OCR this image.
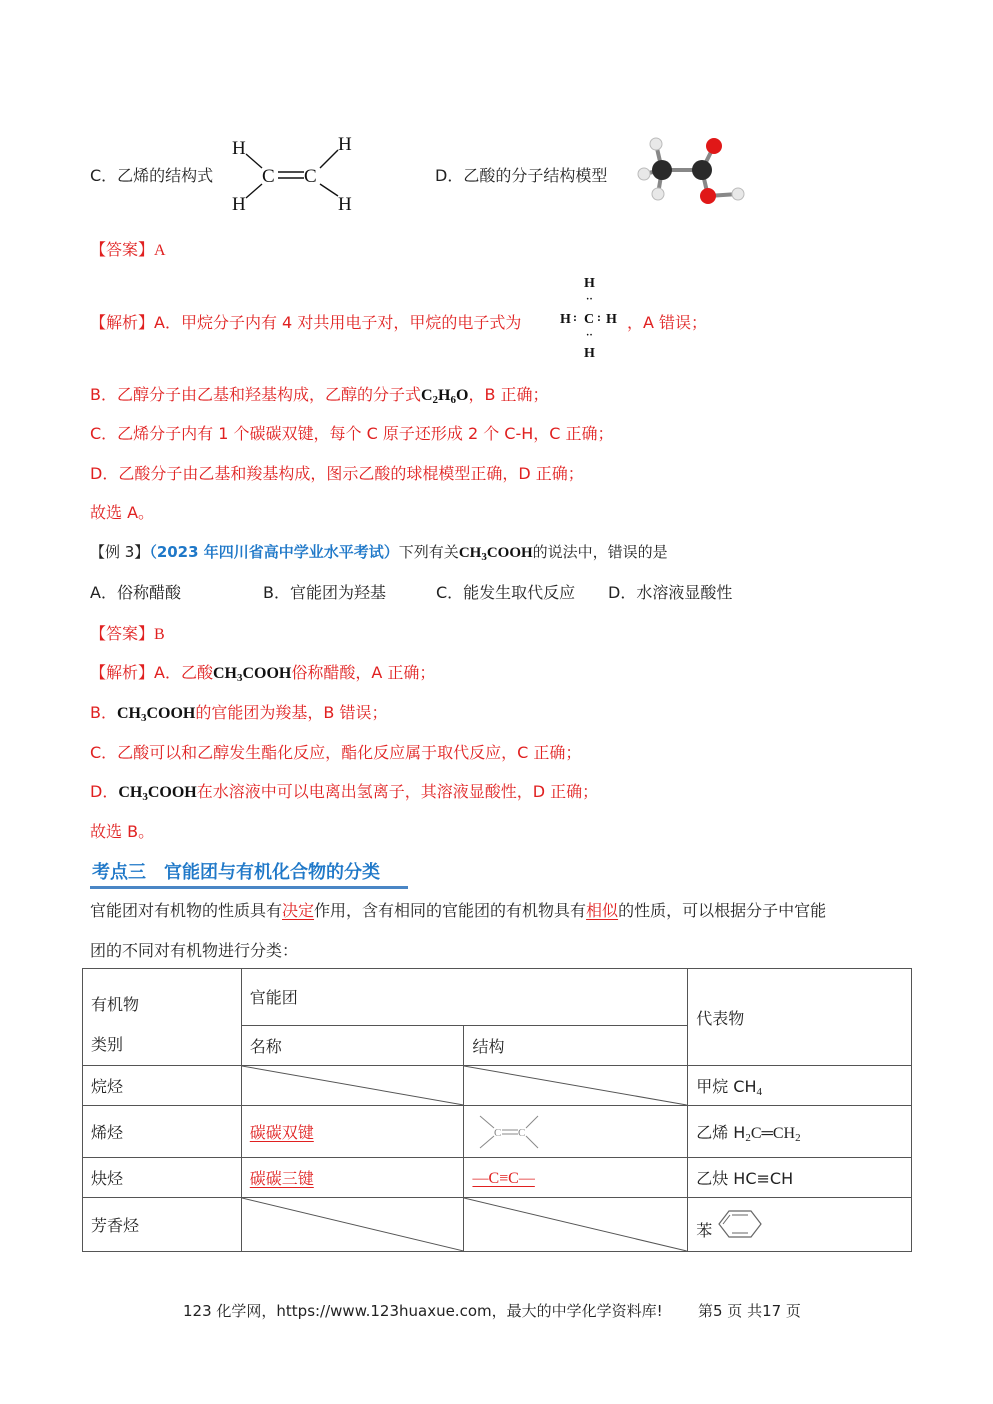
C．乙烯的结构式
H
H
C C
H
H
D．乙酸的分子结构模型
【答案】A
【解析】A．甲烷分子内有 4 对共用电子对，甲烷的电子式为
H
··
H : C : H
··
H
，A 错误；
B．乙醇分子由乙基和羟基构成，乙醇的分子式$C_2H_6O$，B 正确；
C．乙烯分子内有 1 个碳碳双键，每个 C 原子还形成 2 个 C-H，C 正确；
D．乙酸分子由乙基和羧基构成，图示乙酸的球棍模型正确，D 正确；
故选 A。
【例 3】（2023 年四川省高中学业水平考试）下列有关$CH_3COOH$的说法中，错误的是
A．俗称醋酸	B．官能团为羟基	C．能发生取代反应 D．水溶液显酸性
【答案】B
【解析】A．乙酸$CH_3COOH$俗称醋酸，A 正确；
B．$CH_3COOH$的官能团为羧基，B 错误；
C．乙酸可以和乙醇发生酯化反应，酯化反应属于取代反应，C 正确；
D．$CH_3COOH$在水溶液中可以电离出氢离子，其溶液显酸性，D 正确；
故选 B。
考点三　官能团与有机化合物的分类
官能团对有机物的性质具有决定作用，含有相同的官能团的有机物具有相似的性质，可以根据分子中官能
团的不同对有机物进行分类：
有机物
类别	官能团		代表物
	名称	结构	
烷烃			甲烷 $CH_4$
烯烃	碳碳双键	C C	乙烯 $H_2C═CH_2$
炔烃	碳碳三键	—C≡C—	乙炔 HC≡CH
芳香烃			苯
123 化学网，https://www.123huaxue.com，最大的中学化学资料库! 第5 页 共17 页
